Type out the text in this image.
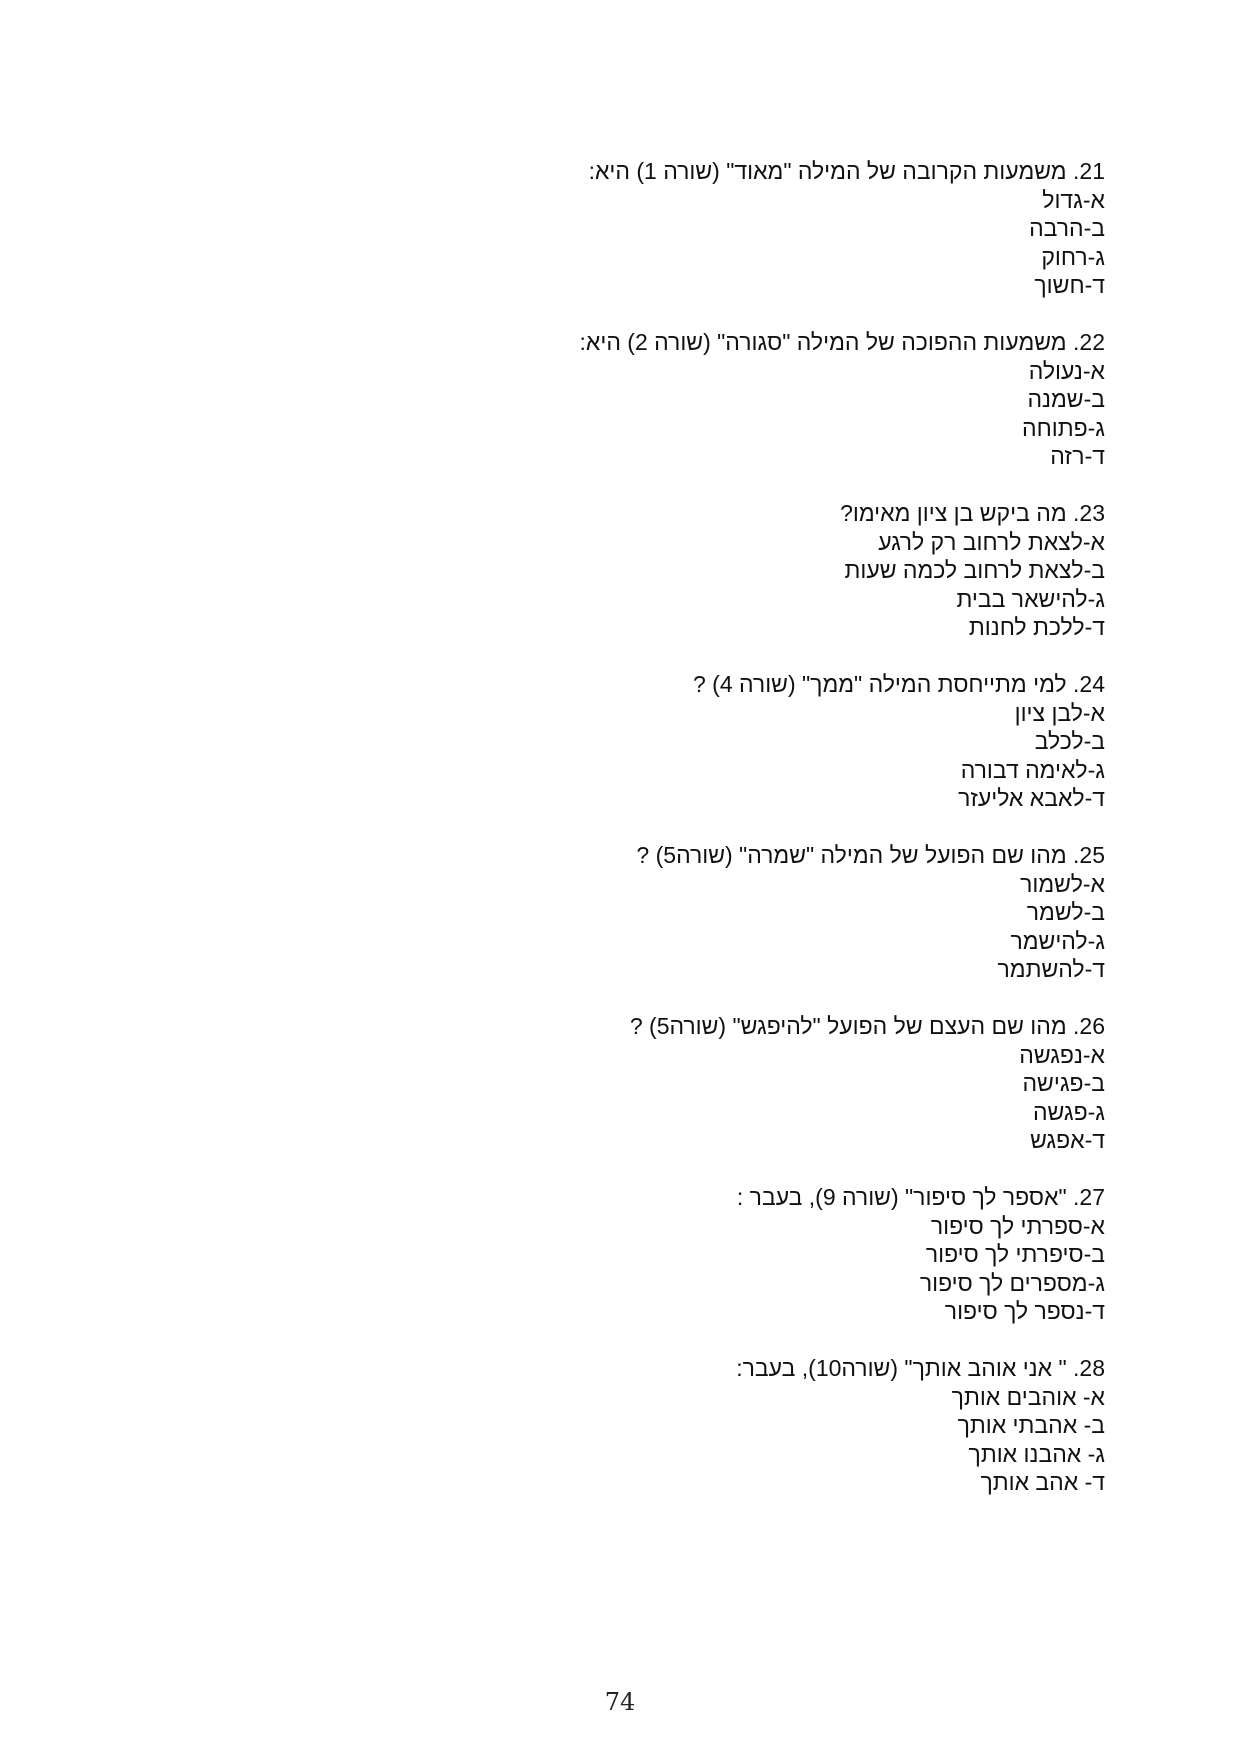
21. משמעות הקרובה של המילה "מאוד" (שורה 1) היא:
א-גדול
ב-הרבה
ג-רחוק
ד-חשוך
22. משמעות ההפוכה של המילה "סגורה" (שורה 2) היא:
א-נעולה
ב-שמנה
ג-פתוחה
ד-רזה
23. מה ביקש בן ציון מאימו?
א-לצאת לרחוב רק לרגע
ב-לצאת לרחוב לכמה שעות
ג-להישאר בבית
ד-ללכת לחנות
24. למי מתייחסת המילה "ממך" (שורה 4) ?
א-לבן ציון
ב-לכלב
ג-לאימה דבורה
ד-לאבא אליעזר
25. מהו שם הפועל של המילה "שמרה" (שורה5) ?
א-לשמור
ב-לשמר
ג-להישמר
ד-להשתמר
26. מהו שם העצם של הפועל "להיפגש" (שורה5) ?
א-נפגשה
ב-פגישה
ג-פגשה
ד-אפגש
27. "אספר לך סיפור" (שורה 9), בעבר :
א-ספרתי לך סיפור
ב-סיפרתי לך סיפור
ג-מספרים לך סיפור
ד-נספר לך סיפור
28. " אני אוהב אותך" (שורה10), בעבר:
א- אוהבים אותך
ב- אהבתי אותך
ג- אהבנו אותך
ד- אהב אותך
74
